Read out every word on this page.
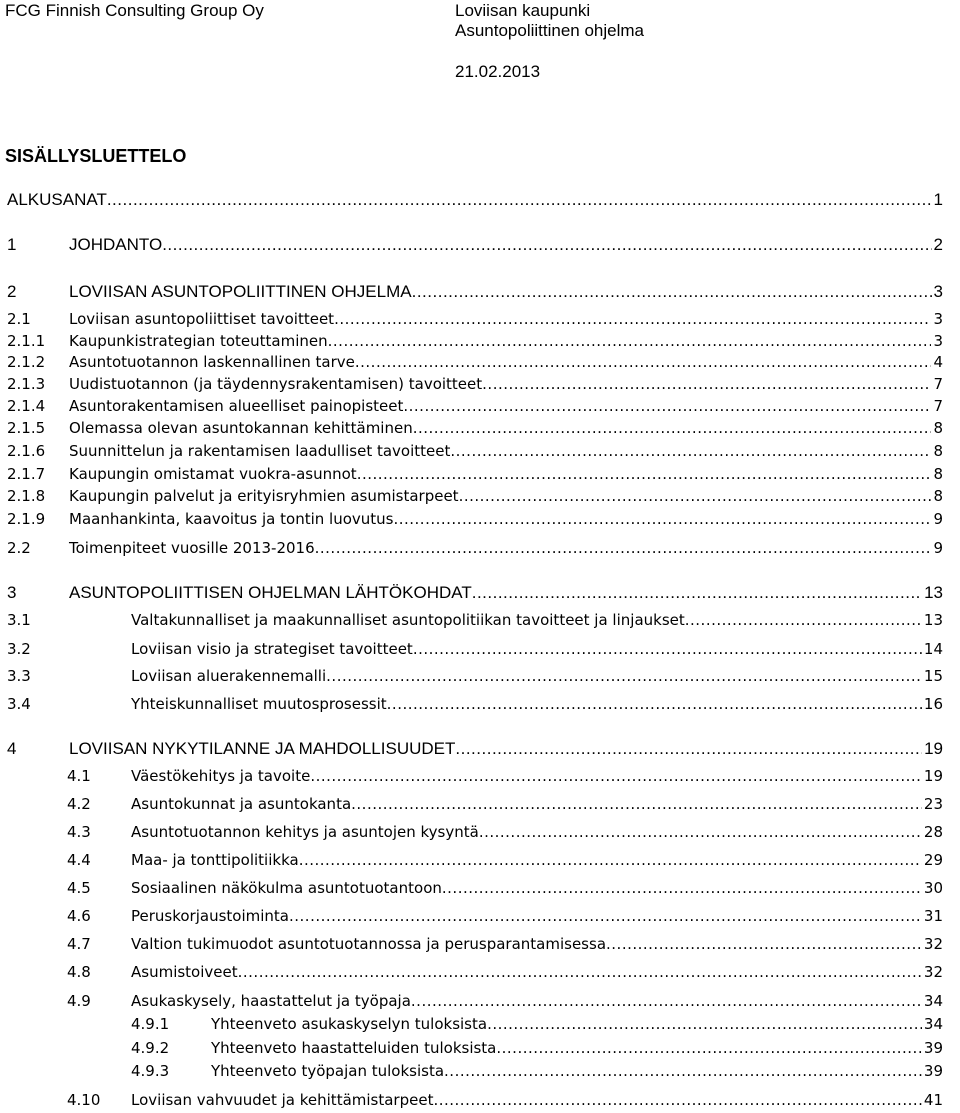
FCG Finnish Consulting Group Oy	Loviisan kaupunki
Asuntopoliittinen ohjelma
21.02.2013
SISÄLLYSLUETTELO
ALKUSANAT .....	1
1	JOHDANTO .....	2
2	LOVIISAN ASUNTOPOLIITTINEN OHJELMA .....	3
2.1	Loviisan asuntopoliittiset tavoitteet .....	3
2.1.1	Kaupunkistrategian toteuttaminen .....	3
2.1.2	Asuntotuotannon laskennallinen tarve .....	4
2.1.3	Uudistuotannon (ja täydennysrakentamisen) tavoitteet .....	7
2.1.4	Asuntorakentamisen alueelliset painopisteet .....	7
2.1.5	Olemassa olevan asuntokannan kehittäminen .....	8
2.1.6	Suunnittelun ja rakentamisen laadulliset tavoitteet .....	8
2.1.7	Kaupungin omistamat vuokra-asunnot .....	8
2.1.8	Kaupungin palvelut ja erityisryhmien asumistarpeet .....	8
2.1.9	Maanhankinta, kaavoitus ja tontin luovutus .....	9
2.2	Toimenpiteet vuosille 2013-2016 .....	9
3	ASUNTOPOLIITTISEN OHJELMAN LÄHTÖKOHDAT .....	13
3.1	Valtakunnalliset ja maakunnalliset asuntopolitiikan tavoitteet ja linjaukset .....	13
3.2	Loviisan visio ja strategiset tavoitteet .....	14
3.3	Loviisan aluerakennemalli .....	15
3.4	Yhteiskunnalliset muutosprosessit .....	16
4	LOVIISAN NYKYTILANNE JA MAHDOLLISUUDET .....	19
4.1	Väestökehitys ja tavoite .....	19
4.2	Asuntokunnat ja asuntokanta .....	23
4.3	Asuntotuotannon kehitys ja asuntojen kysyntä .....	28
4.4	Maa- ja tonttipolitiikka .....	29
4.5	Sosiaalinen näkökulma asuntotuotantoon .....	30
4.6	Peruskorjaustoiminta .....	31
4.7	Valtion tukimuodot asuntotuotannossa ja perusparantamisessa .....	32
4.8	Asumistoiveet .....	32
4.9	Asukaskysely, haastattelut ja työpaja .....	34
4.9.1	Yhteenveto asukaskyselyn tuloksista .....	34
4.9.2	Yhteenveto haastatteluiden tuloksista .....	39
4.9.3	Yhteenveto työpajan tuloksista .....	39
4.10	Loviisan vahvuudet ja kehittämistarpeet .....	41
